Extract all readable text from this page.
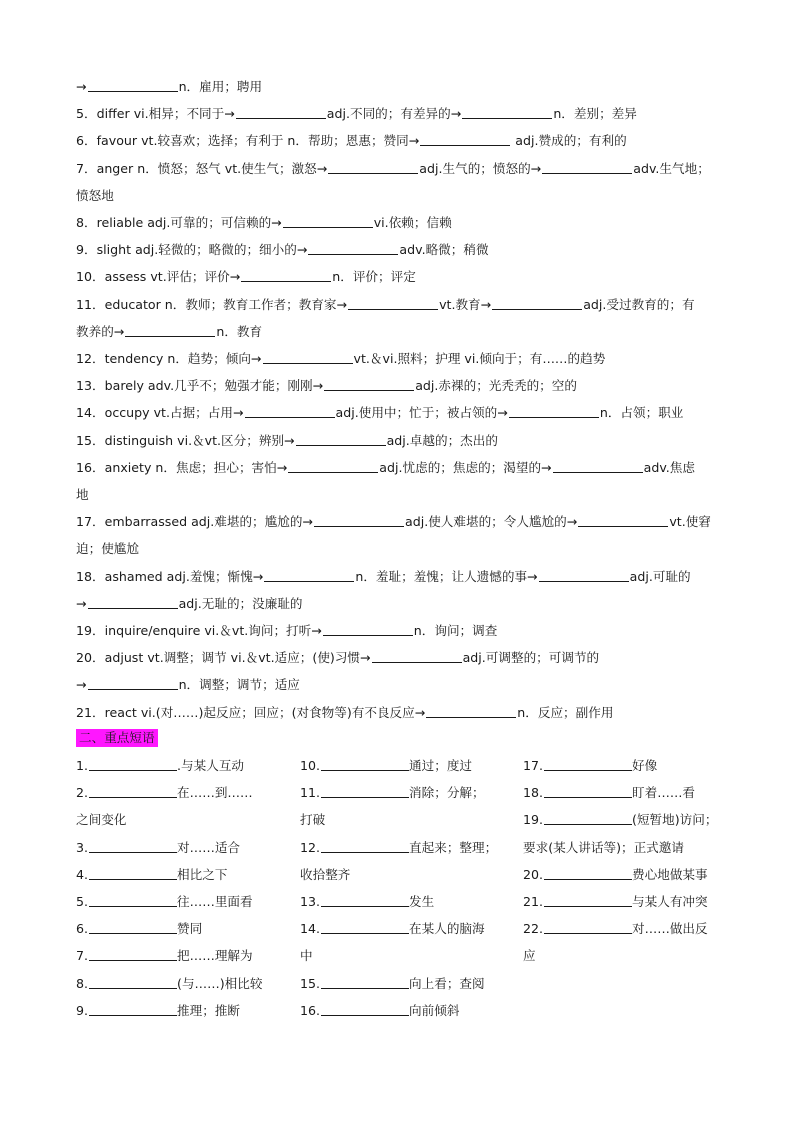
→	n．雇用；聘用
5．differ vi.相异；不同于→	adj.不同的；有差异的→	n．差别；差异
6．favour vt.较喜欢；选择；有利于 n．帮助；恩惠；赞同→	adj.赞成的；有利的
7．anger n．愤怒；怒气 vt.使生气；激怒→	adj.生气的；愤怒的→	adv.生气地；
愤怒地
8．reliable adj.可靠的；可信赖的→	vi.依赖；信赖
9．slight adj.轻微的；略微的；细小的→	adv.略微；稍微
10．assess vt.评估；评价→	n．评价；评定
11．educator n．教师；教育工作者；教育家→	vt.教育→	adj.受过教育的；有
教养的→	n．教育
12．tendency n．趋势；倾向→	vt.＆vi.照料；护理 vi.倾向于；有……的趋势
13．barely adv.几乎不；勉强才能；刚刚→	adj.赤裸的；光秃秃的；空的
14．occupy vt.占据；占用→	adj.使用中；忙于；被占领的→	n．占领；职业
15．distinguish vi.＆vt.区分；辨别→	adj.卓越的；杰出的
16．anxiety n．焦虑；担心；害怕→	adj.忧虑的；焦虑的；渴望的→	adv.焦虑
地
17．embarrassed adj.难堪的；尴尬的→	adj.使人难堪的；令人尴尬的→	vt.使窘
迫；使尴尬
18．ashamed adj.羞愧；惭愧→	n．羞耻；羞愧；让人遗憾的事→	adj.可耻的
→	adj.无耻的；没廉耻的
19．inquire/enquire vi.＆vt.询问；打听→	n．询问；调查
20．adjust vt.调整；调节 vi.＆vt.适应；(使)习惯→	adj.可调整的；可调节的
→	n．调整；调节；适应
21．react vi.(对……)起反应；回应；(对食物等)有不良反应→	n．反应；副作用
二、重点短语
1.	.与某人互动
2.	在……到……
之间变化
3.	对……适合
4.	相比之下
5.	往……里面看
6.	赞同
7.	把……理解为
8.	(与……)相比较
9.	推理；推断
10.	通过；度过
11.	消除；分解；
打破
12.	直起来；整理；
收拾整齐
13.	发生
14.	在某人的脑海
中
15.	向上看；查阅
16.	向前倾斜
17.	好像
18.	盯着……看
19.	(短暂地)访问；
要求(某人讲话等)；正式邀请
20.	费心地做某事
21.	与某人有冲突
22.	对……做出反
应
